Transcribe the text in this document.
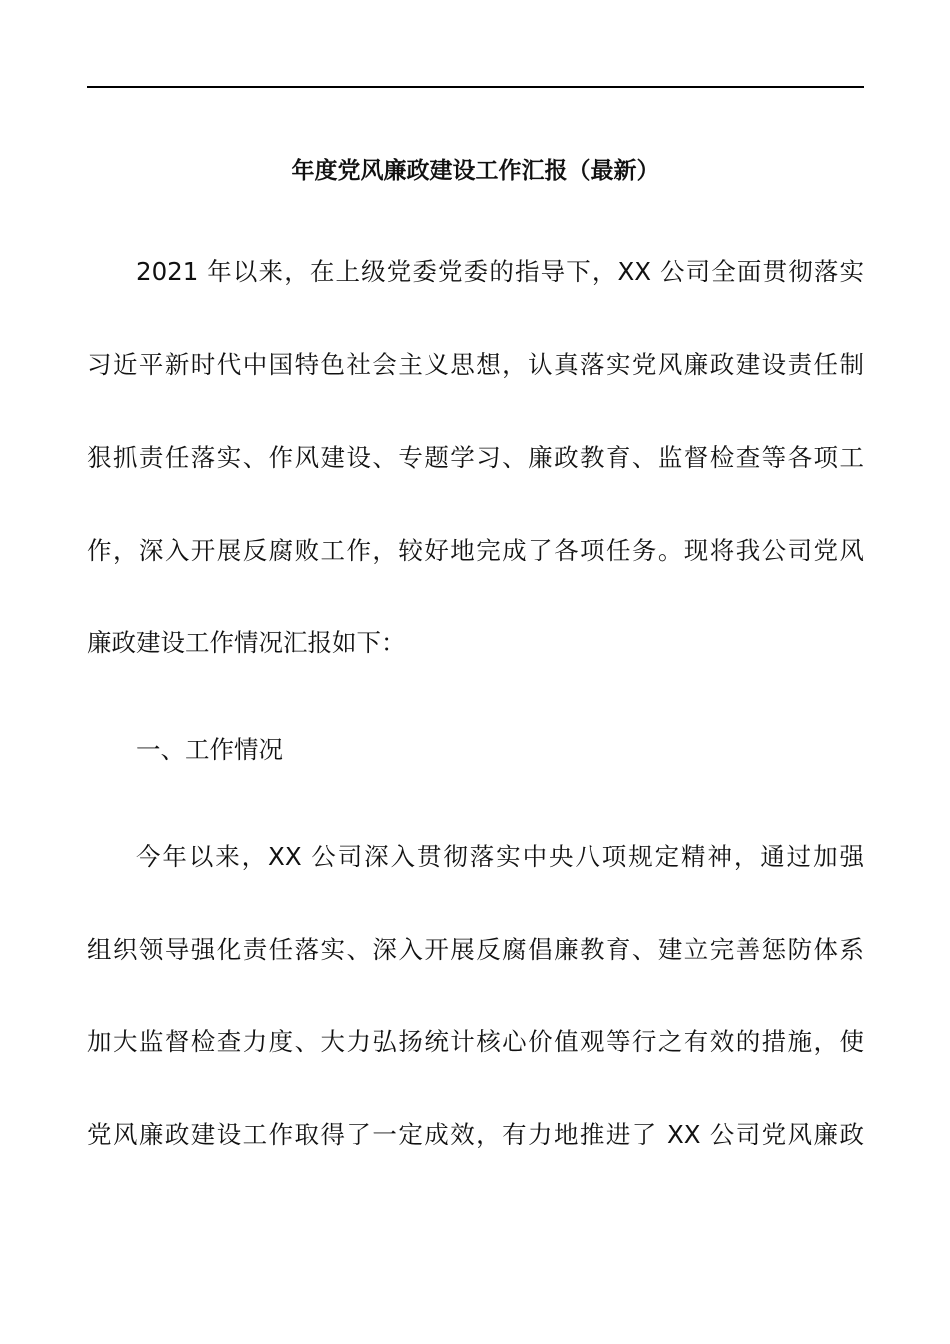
年度党风廉政建设工作汇报（最新）
2021 年以来，在上级党委党委的指导下，XX 公司全面贯彻落实
习近平新时代中国特色社会主义思想，认真落实党风廉政建设责任制
狠抓责任落实、作风建设、专题学习、廉政教育、监督检查等各项工
作，深入开展反腐败工作，较好地完成了各项任务。现将我公司党风
廉政建设工作情况汇报如下：
一、工作情况
今年以来，XX 公司深入贯彻落实中央八项规定精神，通过加强
组织领导强化责任落实、深入开展反腐倡廉教育、建立完善惩防体系
加大监督检查力度、大力弘扬统计核心价值观等行之有效的措施，使
党风廉政建设工作取得了一定成效，有力地推进了 XX 公司党风廉政
